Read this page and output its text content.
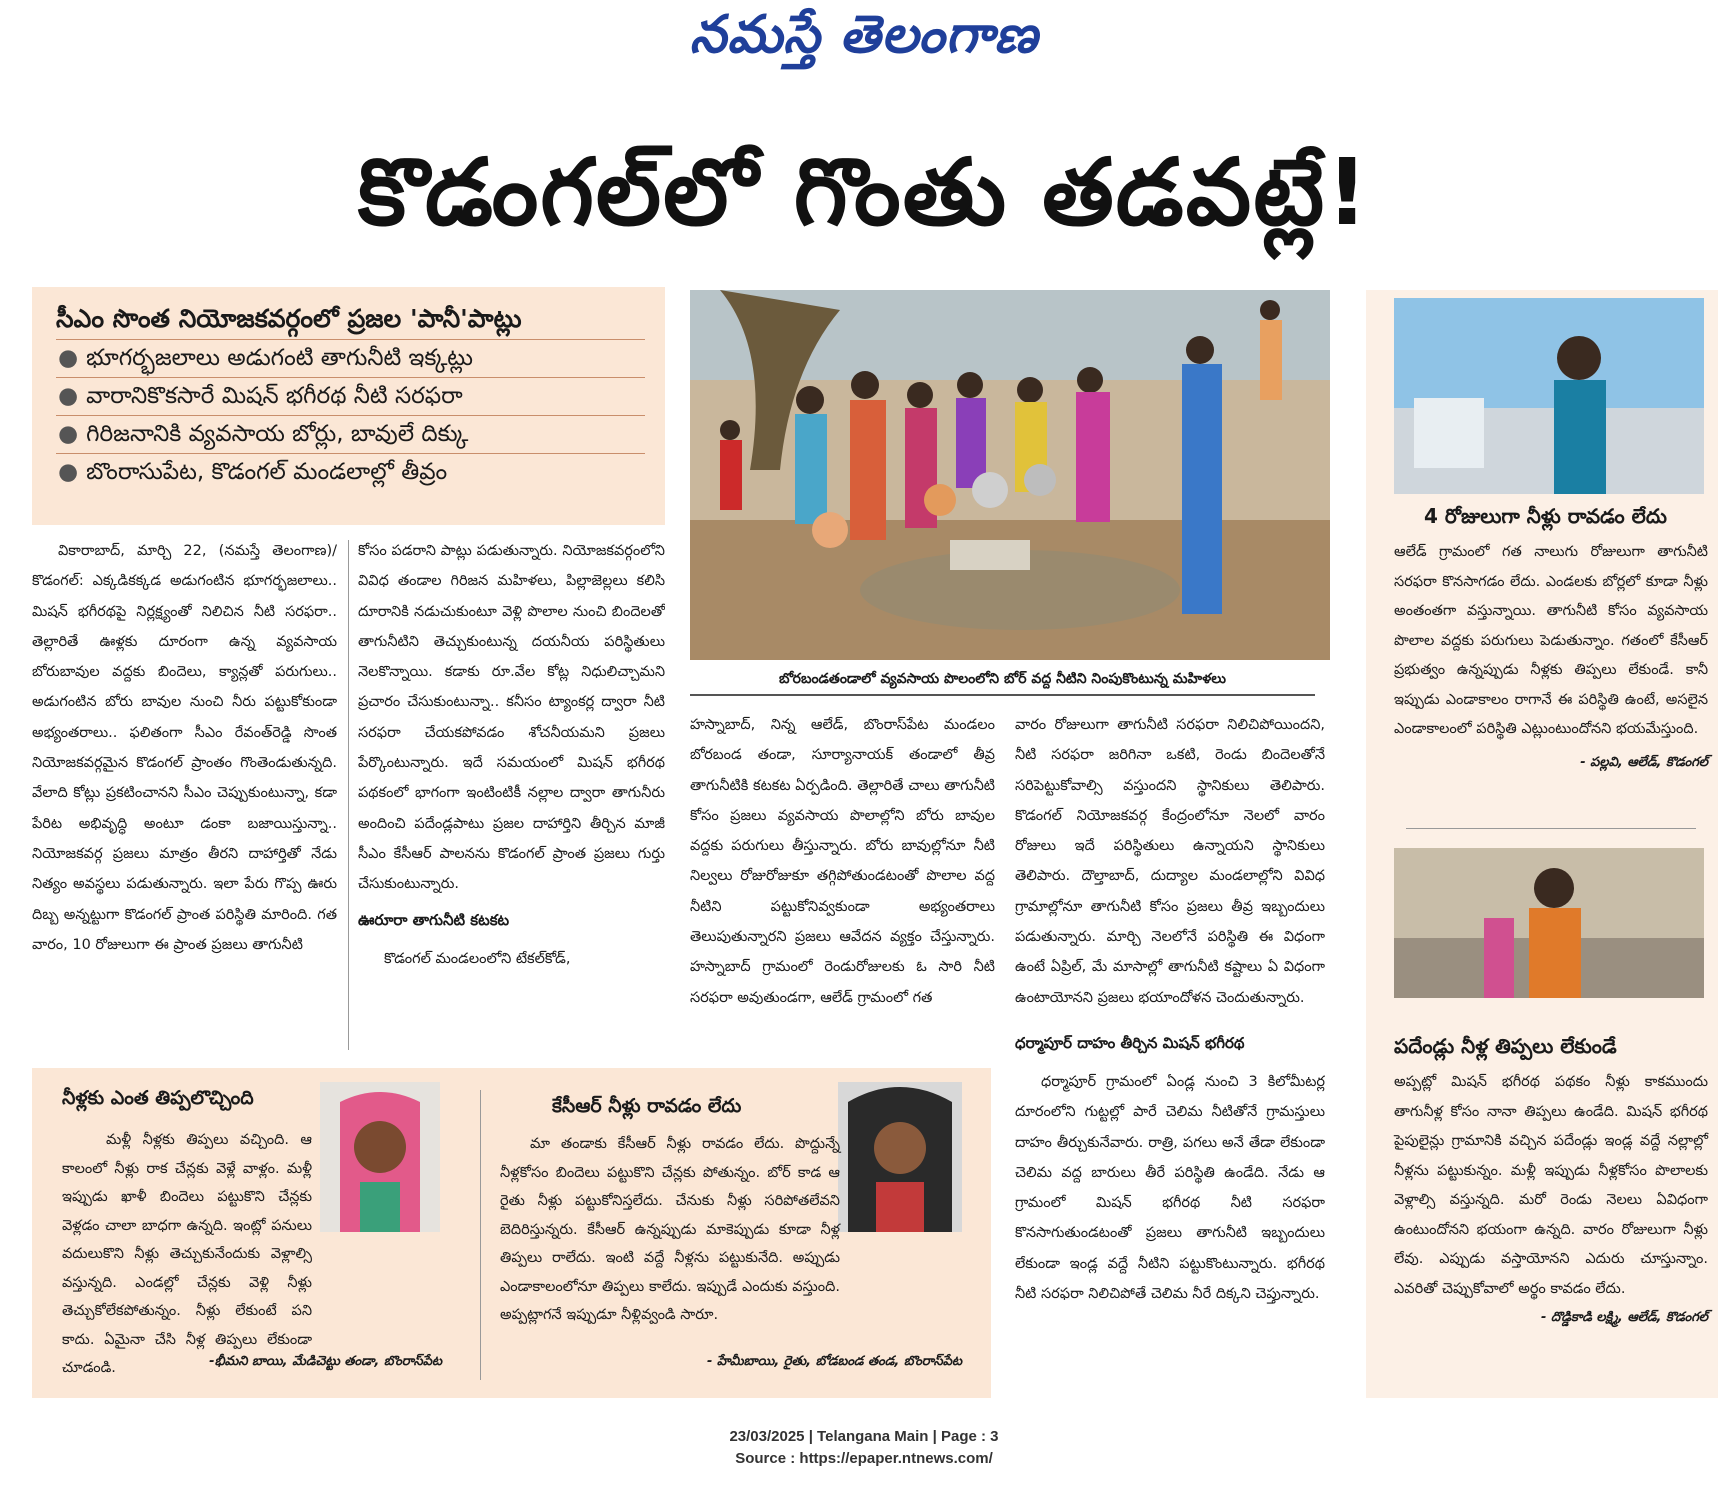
నమస్తే తెలంగాణ
కొడంగల్‌లో గొంతు తడవట్లే!
సీఎం సొంత నియోజకవర్గంలో ప్రజల 'పానీ'పాట్లు
● భూగర్భజలాలు అడుగంటి తాగునీటి ఇక్కట్లు
● వారానికొకసారే మిషన్ భగీరథ నీటి సరఫరా
● గిరిజనానికి వ్యవసాయ బోర్లు, బావులే దిక్కు
● బొంరాసుపేట, కొడంగల్ మండలాల్లో తీవ్రం
బోరబండతండాలో వ్యవసాయ పొలంలోని బోర్ వద్ద నీటిని నింపుకొంటున్న మహిళలు

వికారాబాద్, మార్చి 22, (నమస్తే తెలంగాణ)/కొడంగల్: ఎక్కడికక్కడ అడుగంటిన భూగర్భజలాలు.. మిషన్ భగీరథపై నిర్లక్ష్యంతో నిలిచిన నీటి సరఫరా.. తెల్లారితే ఊళ్లకు దూరంగా ఉన్న వ్యవసాయ బోరుబావుల వద్దకు బిందెలు, క్యాన్లతో పరుగులు.. అడుగంటిన బోరు బావుల నుంచి నీరు పట్టుకోకుండా అభ్యంతరాలు.. ఫలితంగా సీఎం రేవంత్‌రెడ్డి సొంత నియోజకవర్గమైన కొడంగల్ ప్రాంతం గొంతెండుతున్నది. వేలాది కోట్లు ప్రకటించానని సీఎం చెప్పుకుంటున్నా, కడా పేరిట అభివృద్ధి అంటూ డంకా బజాయిస్తున్నా.. నియోజకవర్గ ప్రజలు మాత్రం తీరని దాహార్తితో నేడు నిత్యం అవస్థలు పడుతున్నారు. ఇలా పేరు గొప్ప ఊరు దిబ్బ అన్నట్టుగా కొడంగల్ ప్రాంత పరిస్థితి మారింది. గత వారం, 10 రోజులుగా ఈ ప్రాంత ప్రజలు తాగునీటి

కోసం పడరాని పాట్లు పడుతున్నారు. నియోజకవర్గంలోని వివిధ తండాల గిరిజన మహిళలు, పిల్లాజెల్లలు కలిసి దూరానికి నడుచుకుంటూ వెళ్లి పొలాల నుంచి బిందెలతో తాగునీటిని తెచ్చుకుంటున్న దయనీయ పరిస్థితులు నెలకొన్నాయి. కడాకు రూ.వేల కోట్ల నిధులిచ్చామని ప్రచారం చేసుకుంటున్నా.. కనీసం ట్యాంకర్ల ద్వారా నీటి సరఫరా చేయకపోవడం శోచనీయమని ప్రజలు పేర్కొంటున్నారు. ఇదే సమయంలో మిషన్ భగీరథ పథకంలో భాగంగా ఇంటింటికీ నల్లాల ద్వారా తాగునీరు అందించి పదేండ్లపాటు ప్రజల దాహార్తిని తీర్చిన మాజీ సీఎం కేసీఆర్ పాలనను కొడంగల్ ప్రాంత ప్రజలు గుర్తు చేసుకుంటున్నారు.

ఊరూరా తాగునీటి కటకట

కొడంగల్ మండలంలోని టేకల్‌కోడ్,

హస్నాబాద్, నిన్న ఆలేడ్, బొంరాస్‌పేట మండలం బోరబండ తండా, సూర్యానాయక్ తండాలో తీవ్ర తాగునీటికి కటకట ఏర్పడింది. తెల్లారితే చాలు తాగునీటి కోసం ప్రజలు వ్యవసాయ పొలాల్లోని బోరు బావుల వద్దకు పరుగులు తీస్తున్నారు. బోరు బావుల్లోనూ నీటి నిల్వలు రోజురోజుకూ తగ్గిపోతుండటంతో పొలాల వద్ద నీటిని పట్టుకోనివ్వకుండా అభ్యంతరాలు తెలుపుతున్నారని ప్రజలు ఆవేదన వ్యక్తం చేస్తున్నారు. హస్నాబాద్ గ్రామంలో రెండురోజులకు ఓ సారి నీటి సరఫరా అవుతుండగా, ఆలేడ్ గ్రామంలో గత

వారం రోజులుగా తాగునీటి సరఫరా నిలిచిపోయిందని, నీటి సరఫరా జరిగినా ఒకటి, రెండు బిందెలతోనే సరిపెట్టుకోవాల్సి వస్తుందని స్థానికులు తెలిపారు. కొడంగల్ నియోజకవర్గ కేంద్రంలోనూ నెలలో వారం రోజులు ఇదే పరిస్థితులు ఉన్నాయని స్థానికులు తెలిపారు. దౌల్తాబాద్, దుద్యాల మండలాల్లోని వివిధ గ్రామాల్లోనూ తాగునీటి కోసం ప్రజలు తీవ్ర ఇబ్బందులు పడుతున్నారు. మార్చి నెలలోనే పరిస్థితి ఈ విధంగా ఉంటే ఏప్రిల్, మే మాసాల్లో తాగునీటి కష్టాలు ఏ విధంగా ఉంటాయోనని ప్రజలు భయాందోళన చెందుతున్నారు.

ధర్మాపూర్ దాహం తీర్చిన మిషన్ భగీరథ

ధర్మాపూర్ గ్రామంలో ఏండ్ల నుంచి 3 కిలోమీటర్ల దూరంలోని గుట్టల్లో పారే చెలిమ నీటితోనే గ్రామస్తులు దాహం తీర్చుకునేవారు. రాత్రి, పగలు అనే తేడా లేకుండా చెలిమ వద్ద బారులు తీరే పరిస్థితి ఉండేది. నేడు ఆ గ్రామంలో మిషన్ భగీరథ నీటి సరఫరా కొనసాగుతుండటంతో ప్రజలు తాగునీటి ఇబ్బందులు లేకుండా ఇండ్ల వద్దే నీటిని పట్టుకొంటున్నారు. భగీరథ నీటి సరఫరా నిలిచిపోతే చెలిమ నీరే దిక్కని చెప్తున్నారు.

4 రోజులుగా నీళ్లు రావడం లేదు
ఆలేడ్ గ్రామంలో గత నాలుగు రోజులుగా తాగునీటి సరఫరా కొనసాగడం లేదు. ఎండలకు బోర్లలో కూడా నీళ్లు అంతంతగా వస్తున్నాయి. తాగునీటి కోసం వ్యవసాయ పొలాల వద్దకు పరుగులు పెడుతున్నాం. గతంలో కేసీఆర్ ప్రభుత్వం ఉన్నప్పుడు నీళ్లకు తిప్పలు లేకుండే. కానీ ఇప్పుడు ఎండాకాలం రాగానే ఈ పరిస్థితి ఉంటే, అసలైన ఎండాకాలంలో పరిస్థితి ఎట్లుంటుందోనని భయమేస్తుంది.
- పల్లవి, ఆలేడ్, కొడంగల్
పదేండ్లు నీళ్ల తిప్పలు లేకుండే
అప్పట్లో మిషన్ భగీరథ పథకం నీళ్లు కాకముందు తాగునీళ్ల కోసం నానా తిప్పలు ఉండేది. మిషన్ భగీరథ పైపులైన్లు గ్రామానికి వచ్చిన పదేండ్లు ఇండ్ల వద్దే నల్లాల్లో నీళ్లను పట్టుకున్నం. మళ్లీ ఇప్పుడు నీళ్లకోసం పొలాలకు వెళ్లాల్సి వస్తున్నది. మరో రెండు నెలలు ఏవిధంగా ఉంటుందోనని భయంగా ఉన్నది. వారం రోజులుగా నీళ్లు లేవు. ఎప్పుడు వస్తాయోనని ఎదురు చూస్తున్నాం. ఎవరితో చెప్పుకోవాలో అర్థం కావడం లేదు.
- దొడ్డికాడి లక్ష్మి, ఆలేడ్, కొడంగల్
నీళ్లకు ఎంత తిప్పలొచ్చింది
మళ్లీ నీళ్లకు తిప్పలు వచ్చింది. ఆ కాలంలో నీళ్లు రాక చేన్లకు వెళ్లే వాళ్లం. మళ్లీ ఇప్పుడు ఖాళీ బిందెలు పట్టుకొని చేన్లకు వెళ్లడం చాలా బాధగా ఉన్నది. ఇంట్లో పనులు వదులుకొని నీళ్లు తెచ్చుకునేందుకు వెళ్లాల్సి వస్తున్నది. ఎండల్లో చేన్లకు వెళ్లి నీళ్లు తెచ్చుకోలేకపోతున్నం. నీళ్లు లేకుంటే పని కాదు. ఏమైనా చేసి నీళ్ల తిప్పలు లేకుండా చూడండి.	-భీమని బాయి, మేడిచెట్టు తండా, బొంరాస్‌పేట
కేసీఆర్ నీళ్లు రావడం లేదు
మా తండాకు కేసీఆర్ నీళ్లు రావడం లేదు. పొద్దున్నే నీళ్లకోసం బిందెలు పట్టుకొని చేన్లకు పోతున్నం. బోర్ కాడ ఆ రైతు నీళ్లు పట్టుకోనిస్తలేదు. చేనుకు నీళ్లు సరిపోతలేవని బెదిరిస్తున్నరు. కేసీఆర్ ఉన్నప్పుడు మాకెప్పుడు కూడా నీళ్ల తిప్పలు రాలేదు. ఇంటి వద్దే నీళ్లను పట్టుకునేది. అప్పుడు ఎండాకాలంలోనూ తిప్పలు కాలేదు. ఇప్పుడే ఎందుకు వస్తుంది. అప్పట్లాగనే ఇప్పుడూ నీళ్లివ్వండి సారూ.
- హేమీబాయి, రైతు, బోడబండ తండ, బొంరాస్‌పేట
23/03/2025 | Telangana Main | Page : 3
Source : https://epaper.ntnews.com/
